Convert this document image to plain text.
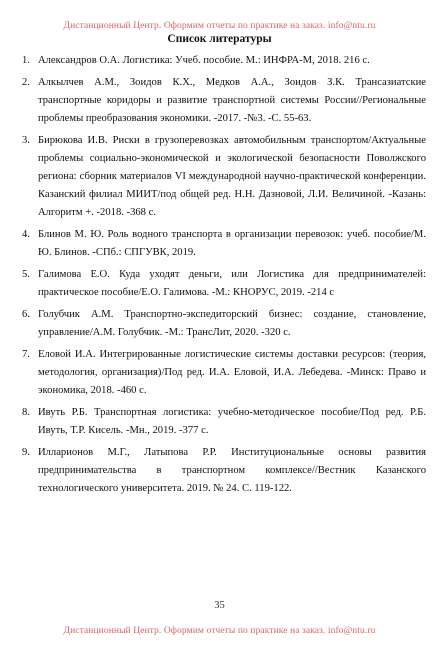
Дистанционный Центр. Оформим отчеты по практике на заказ. info@ntu.ru
Список литературы
1. Александров О.А. Логистика: Учеб. пособие. М.: ИНФРА-М, 2018. 216 с.
2. Алкылчев А.М., Зоидов К.Х., Медков А.А., Зоидов З.К. Трансазиатские транспортные коридоры и развитие транспортной системы России//Региональные проблемы преобразования экономики. -2017. -№3. -С. 55-63.
3. Бирюкова И.В. Риски в грузоперевозках автомобильным транспортом/Актуальные проблемы социально-экономической и экологической безопасности Поволжского региона: сборник материалов VI международной научно-практической конференции. Казанский филиал МИИТ/под общей ред. Н.Н. Дазновой, Л.И. Величиной. -Казань: Алгоритм +. -2018. -368 с.
4. Блинов М. Ю. Роль водного транспорта в организации перевозок: учеб. пособие/М. Ю. Блинов. -СПб.: СПГУВК, 2019.
5. Галимова Е.О. Куда уходят деньги, или Логистика для предпринимателей: практическое пособие/Е.О. Галимова. -М.: КНОРУС, 2019. -214 с
6. Голубчик А.М. Транспортно-экспедиторский бизнес: создание, становление, управление/А.М. Голубчик. -М.: ТрансЛит, 2020. -320 с.
7. Еловой И.А. Интегрированные логистические системы доставки ресурсов: (теория, методология, организация)/Под ред. И.А. Еловой, И.А. Лебедева. -Минск: Право и экономика, 2018. -460 с.
8. Ивуть Р.Б. Транспортная логистика: учебно-методическое пособие/Под ред. Р.Б. Ивуть, Т.Р. Кисель. -Мн., 2019. -377 с.
9. Илларионов М.Г., Латыпова Р.Р. Институциональные основы развития предпринимательства в транспортном комплексе//Вестник Казанского технологического университета. 2019. № 24. С. 119-122.
35
Дистанционный Центр. Оформим отчеты по практике на заказ. info@ntu.ru
